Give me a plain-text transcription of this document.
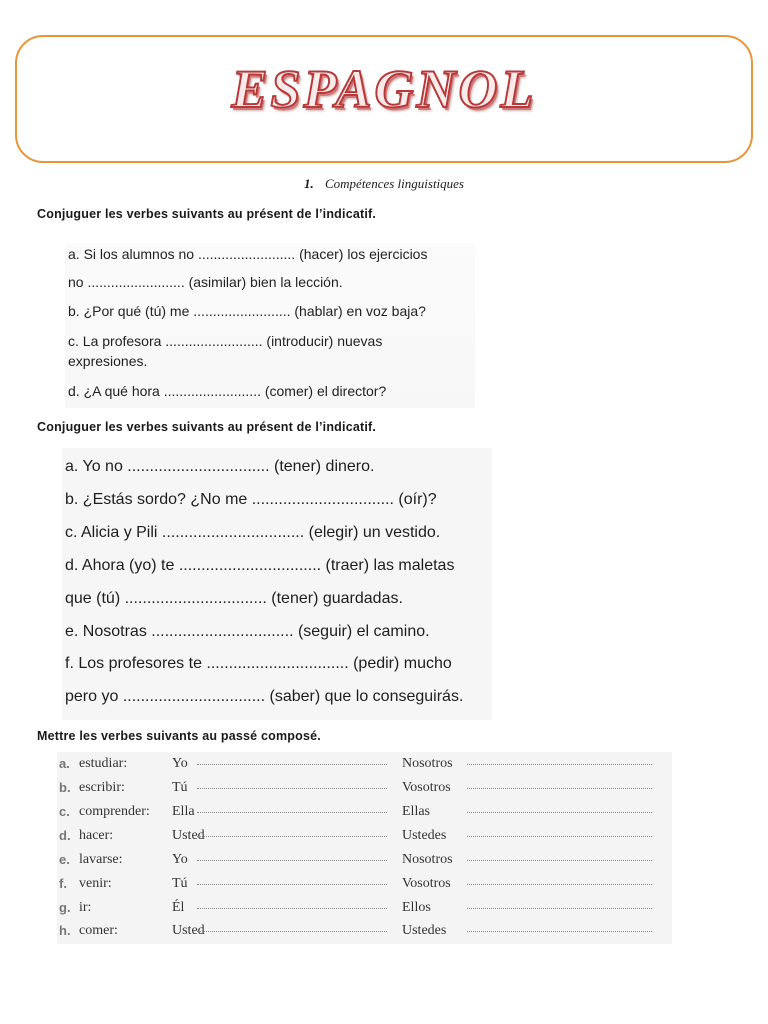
ESPAGNOL
1. Compétences linguistiques
Conjuguer les verbes suivants au présent de l’indicatif.
a. Si los alumnos no ......................... (hacer) los ejercicios
no ......................... (asimilar) bien la lección.
b. ¿Por qué (tú) me ......................... (hablar) en voz baja?
c. La profesora ......................... (introducir) nuevas
expresiones.
d. ¿A qué hora ......................... (comer) el director?
Conjuguer les verbes suivants au présent de l’indicatif.
a. Yo no ................................ (tener) dinero.
b. ¿Estás sordo? ¿No me ................................ (oír)?
c. Alicia y Pili ................................ (elegir) un vestido.
d. Ahora (yo) te ................................ (traer) las maletas
que (tú) ................................ (tener) guardadas.
e. Nosotras ................................ (seguir) el camino.
f. Los profesores te ................................ (pedir) mucho
pero yo ................................ (saber) que lo conseguirás.
Mettre les verbes suivants au passé composé.
a. estudiar:	Yo	Nosotros
b. escribir:	Tú	Vosotros
c. comprender: Ella	Ellas
d. hacer:	Usted	Ustedes
e. lavarse:	Yo	Nosotros
f. venir:	Tú	Vosotros
g. ir:	Él	Ellos
h. comer:	Usted	Ustedes
